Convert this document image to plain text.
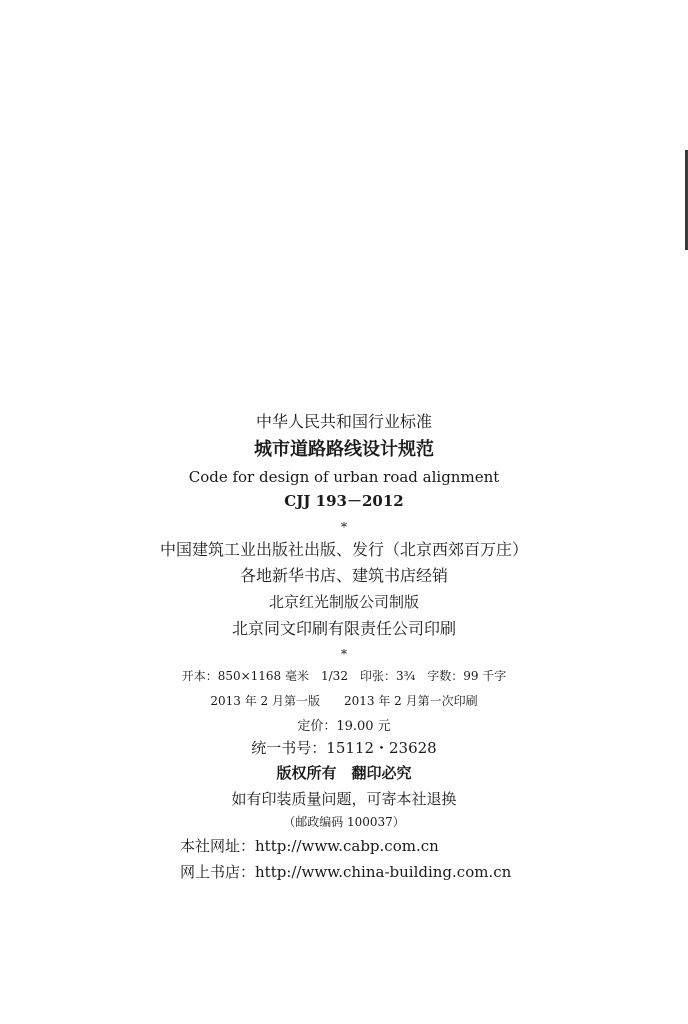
中华人民共和国行业标准
城市道路路线设计规范
Code for design of urban road alignment
CJJ 193－2012
*
中国建筑工业出版社出版、发行（北京西郊百万庄）
各地新华书店、建筑书店经销
北京红光制版公司制版
北京同文印刷有限责任公司印刷
*
开本：850×1168 毫米　1/32　印张：3¾　字数：99 千字
2013 年 2 月第一版　　2013 年 2 月第一次印刷
定价：19.00 元
统一书号：15112・23628
版权所有　翻印必究
如有印装质量问题，可寄本社退换
（邮政编码 100037）
本社网址：http://www.cabp.com.cn
网上书店：http://www.china-building.com.cn
